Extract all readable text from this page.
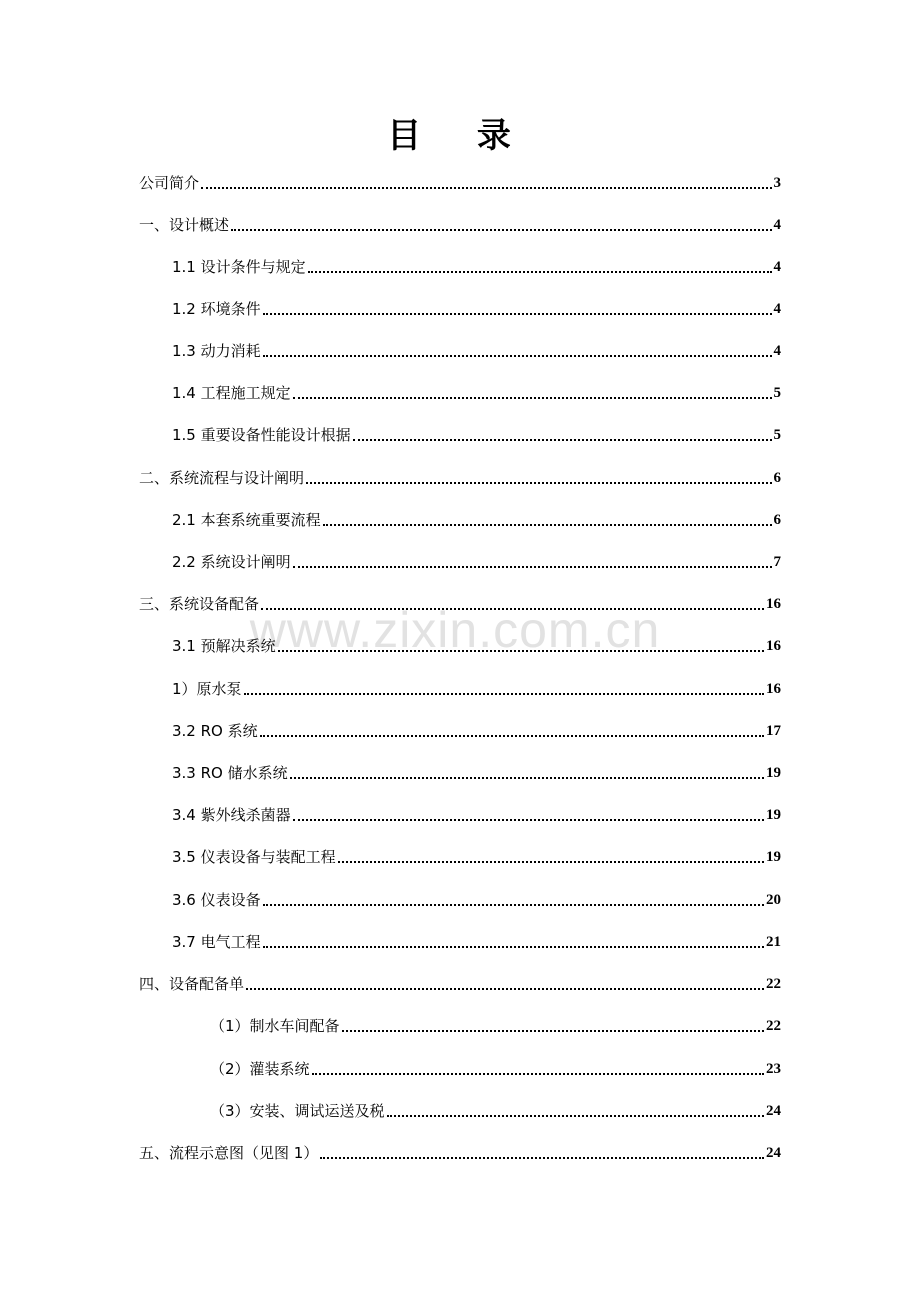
www.zixin.com.cn
目 录
公司简介	3
一、设计概述	4
1.1 设计条件与规定	4
1.2 环境条件	4
1.3 动力消耗	4
1.4 工程施工规定	5
1.5 重要设备性能设计根据	5
二、系统流程与设计阐明	6
2.1 本套系统重要流程	6
2.2 系统设计阐明	7
三、系统设备配备	16
3.1 预解决系统	16
1）原水泵	16
3.2 RO 系统	17
3.3 RO 储水系统	19
3.4 紫外线杀菌器	19
3.5 仪表设备与装配工程	19
3.6 仪表设备	20
3.7 电气工程	21
四、设备配备单	22
（1）制水车间配备	22
（2）灌装系统	23
（3）安装、调试运送及税	24
五、流程示意图（见图 1）	24
